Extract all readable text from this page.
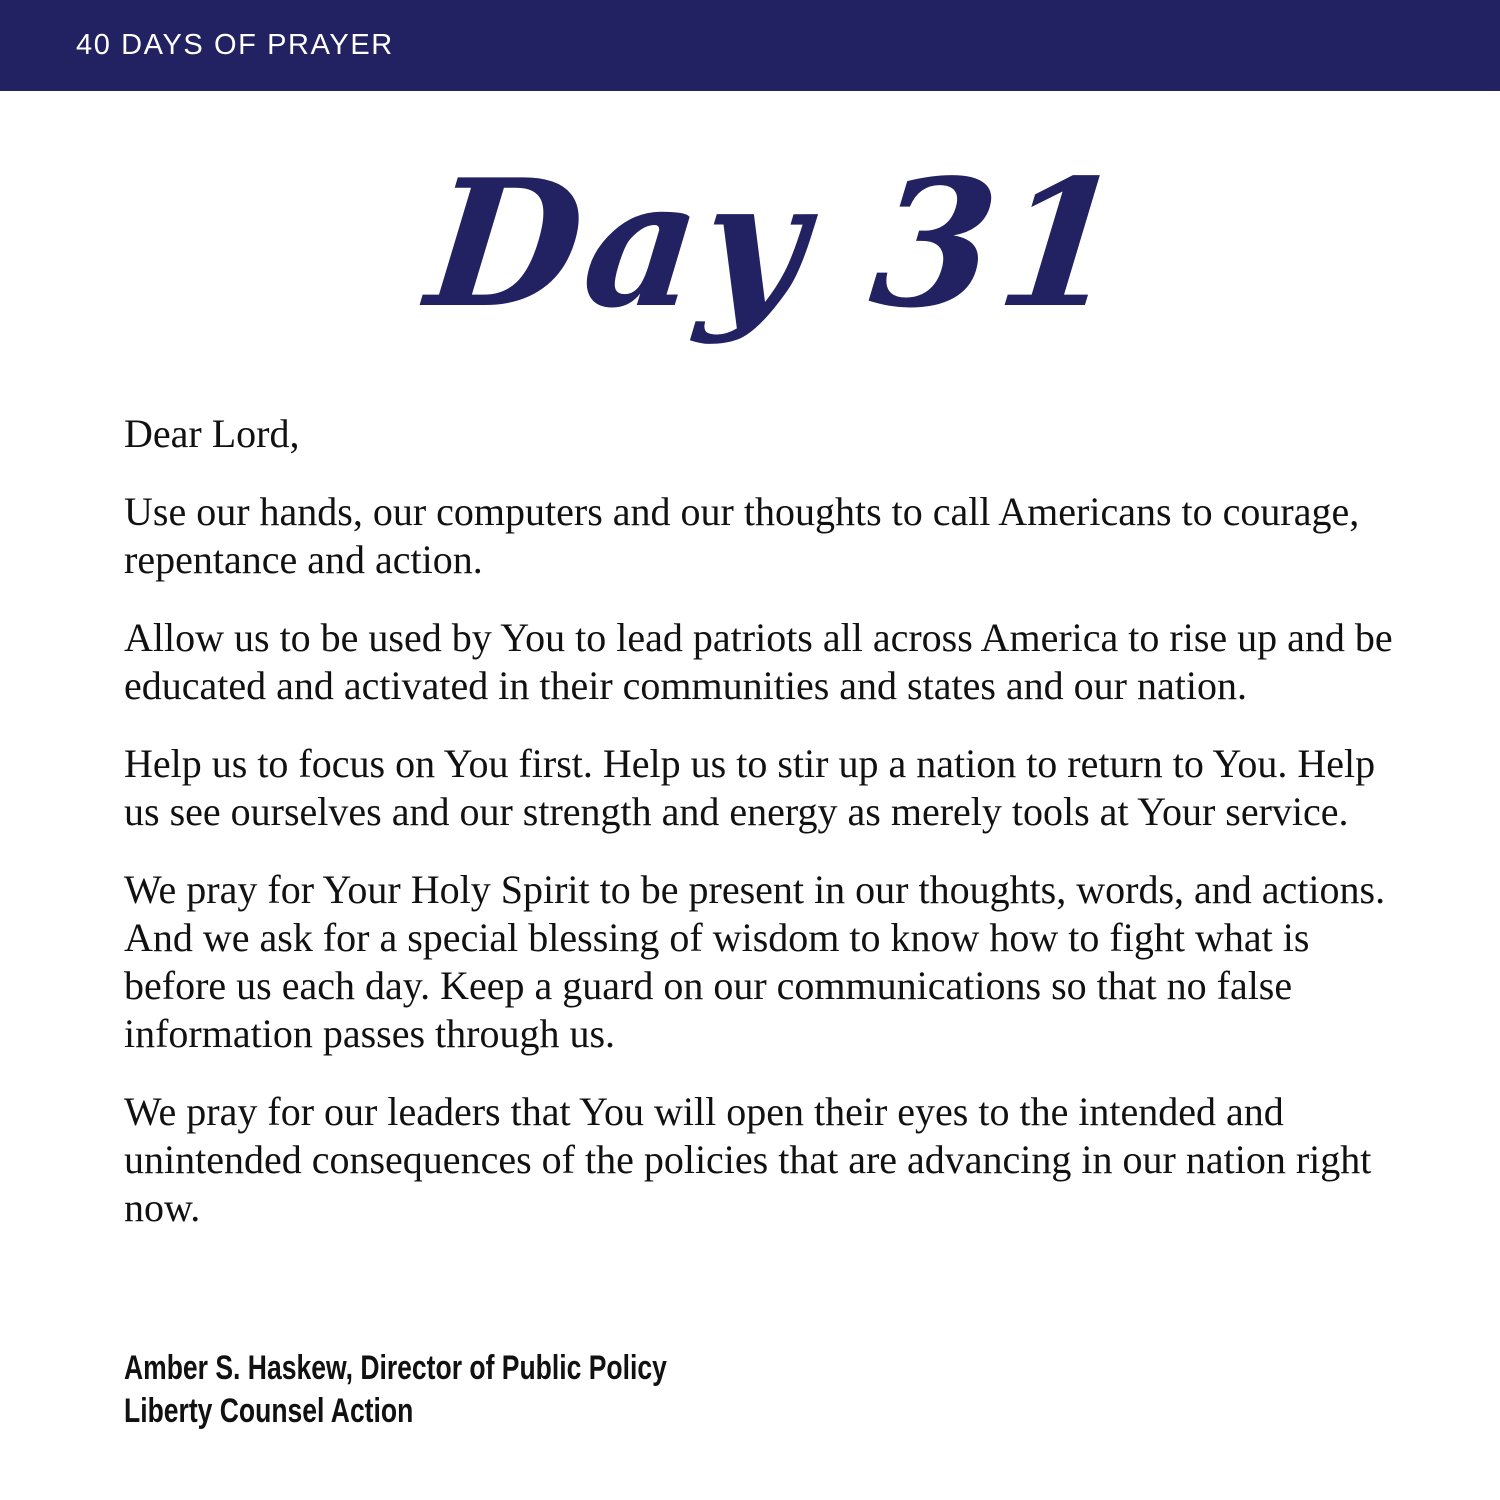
40 DAYS OF PRAYER
Day 31

Dear Lord,

Use our hands, our computers and our thoughts to call Americans to courage, repentance and action.

Allow us to be used by You to lead patriots all across America to rise up and be educated and activated in their communities and states and our nation.

Help us to focus on You first. Help us to stir up a nation to return to You. Help us see ourselves and our strength and energy as merely tools at Your service.

We pray for Your Holy Spirit to be present in our thoughts, words, and actions. And we ask for a special blessing of wisdom to know how to fight what is before us each day. Keep a guard on our communications so that no false information passes through us.

We pray for our leaders that You will open their eyes to the intended and unintended consequences of the policies that are advancing in our nation right now.

Amber S. Haskew, Director of Public Policy
Liberty Counsel Action
